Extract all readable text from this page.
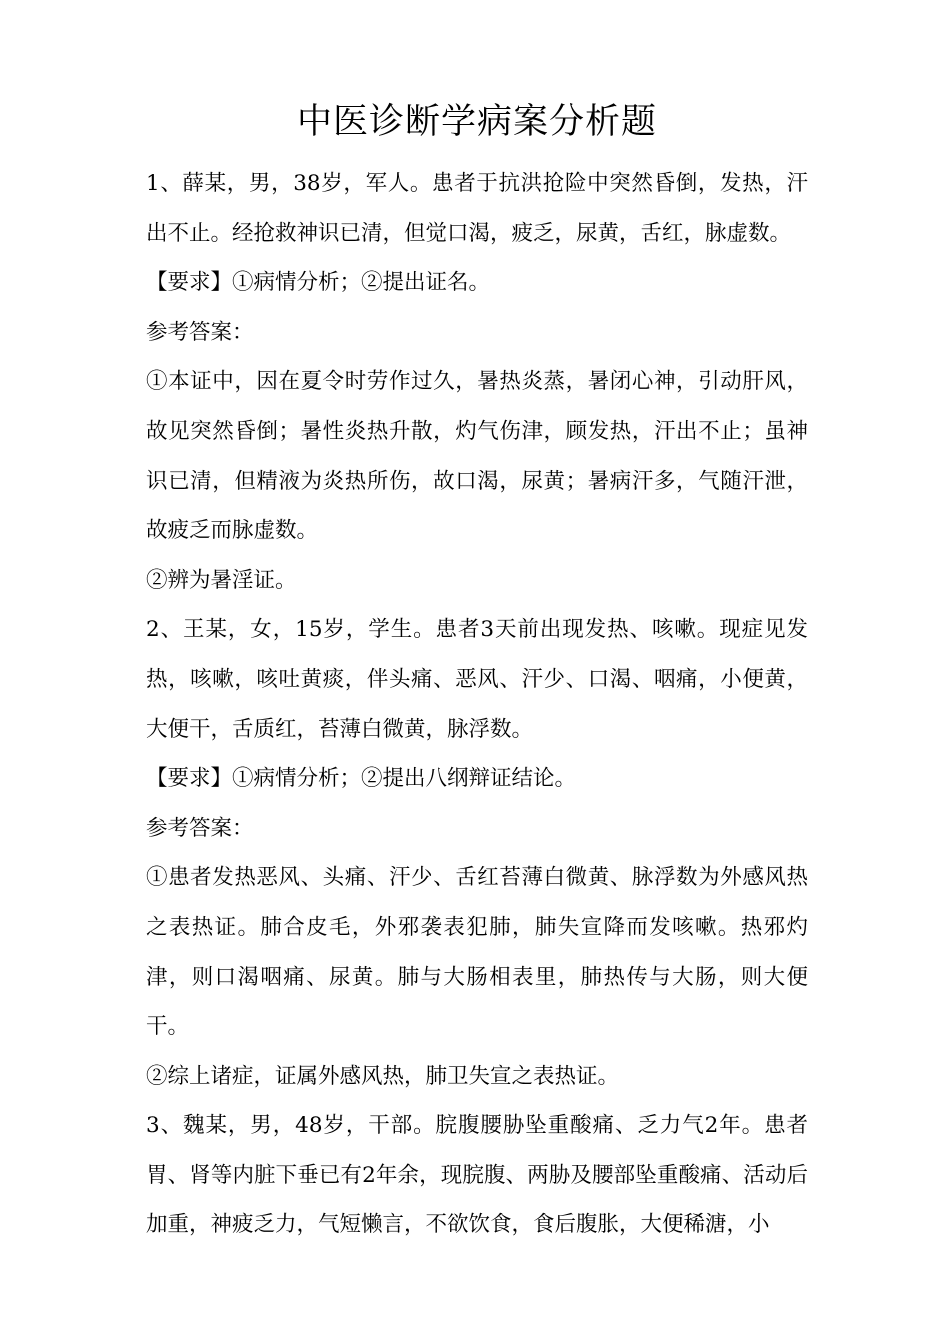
中医诊断学病案分析题

1、薛某，男，38岁，军人。患者于抗洪抢险中突然昏倒，发热，汗出不止。经抢救神识已清，但觉口渴，疲乏，尿黄，舌红，脉虚数。

【要求】①病情分析；②提出证名。

参考答案：

①本证中，因在夏令时劳作过久，暑热炎蒸，暑闭心神，引动肝风，故见突然昏倒；暑性炎热升散，灼气伤津，顾发热，汗出不止；虽神识已清，但精液为炎热所伤，故口渴，尿黄；暑病汗多，气随汗泄，故疲乏而脉虚数。

②辨为暑淫证。

2、王某，女，15岁，学生。患者3天前出现发热、咳嗽。现症见发热，咳嗽，咳吐黄痰，伴头痛、恶风、汗少、口渴、咽痛，小便黄，大便干，舌质红，苔薄白微黄，脉浮数。

【要求】①病情分析；②提出八纲辩证结论。

参考答案：

①患者发热恶风、头痛、汗少、舌红苔薄白微黄、脉浮数为外感风热之表热证。肺合皮毛，外邪袭表犯肺，肺失宣降而发咳嗽。热邪灼津，则口渴咽痛、尿黄。肺与大肠相表里，肺热传与大肠，则大便干。

②综上诸症，证属外感风热，肺卫失宣之表热证。

3、魏某，男，48岁，干部。脘腹腰胁坠重酸痛、乏力气2年。患者胃、肾等内脏下垂已有2年余，现脘腹、两胁及腰部坠重酸痛、活动后加重，神疲乏力，气短懒言，不欲饮食，食后腹胀，大便稀溏，小
